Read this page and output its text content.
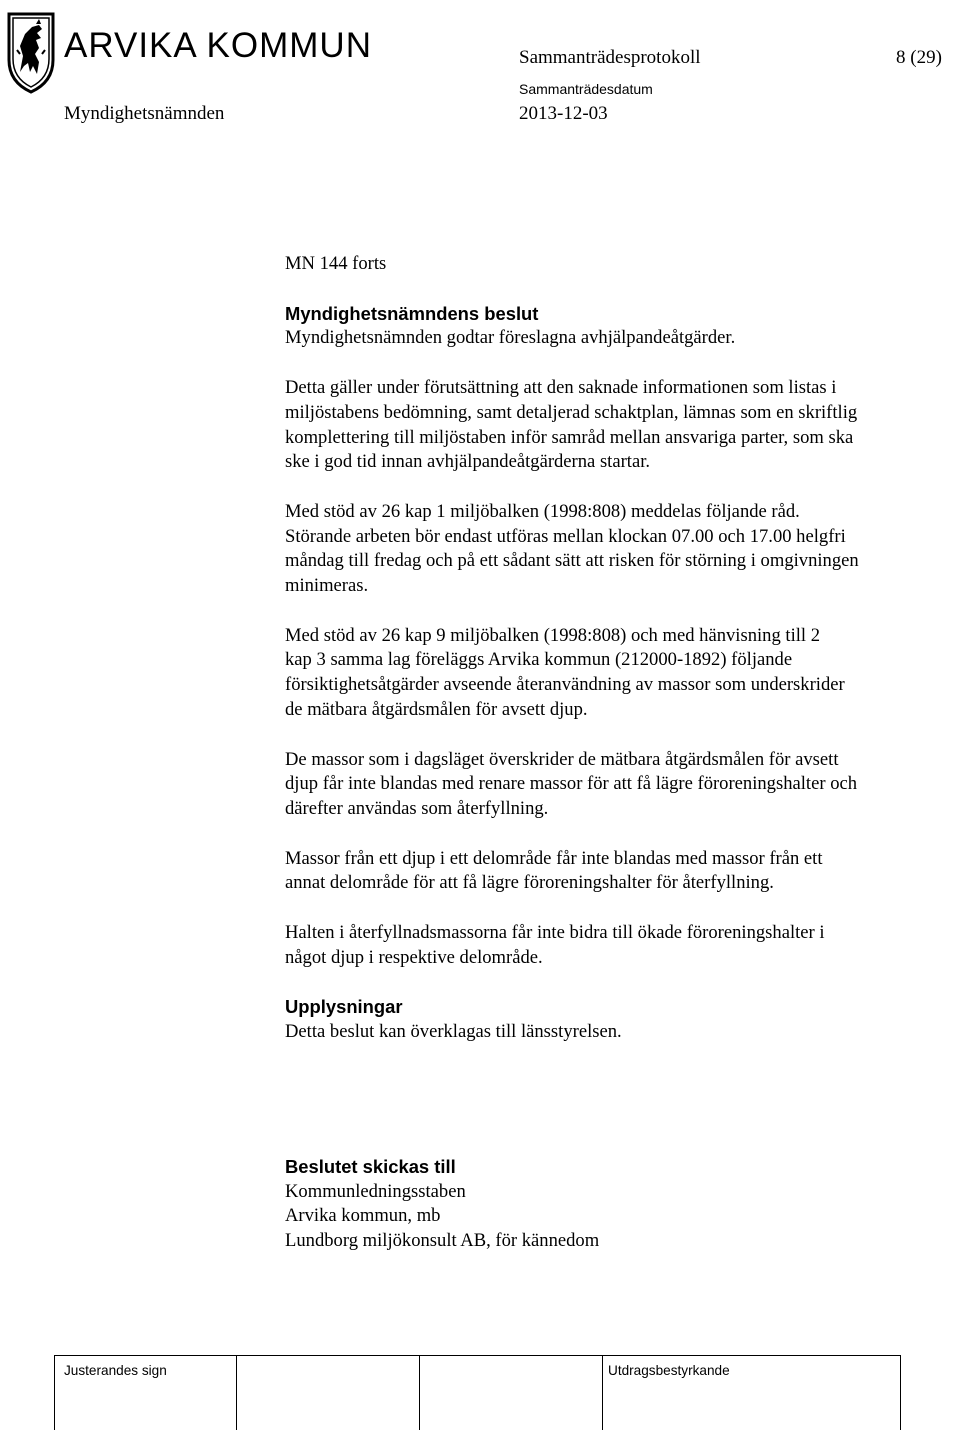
ARVIKA KOMMUN	Sammanträdesprotokoll	8 (29)
Myndighetsnämnden
Sammanträdesdatum
2013-12-03
MN 144 forts
Myndighetsnämndens beslut
Myndighetsnämnden godtar föreslagna avhjälpandeåtgärder.
Detta gäller under förutsättning att den saknade informationen som listas i
miljöstabens bedömning, samt detaljerad schaktplan, lämnas som en skriftlig
komplettering till miljöstaben inför samråd mellan ansvariga parter, som ska
ske i god tid innan avhjälpandeåtgärderna startar.
Med stöd av 26 kap 1 miljöbalken (1998:808) meddelas följande råd.
Störande arbeten bör endast utföras mellan klockan 07.00 och 17.00 helgfri
måndag till fredag och på ett sådant sätt att risken för störning i omgivningen
minimeras.
Med stöd av 26 kap 9 miljöbalken (1998:808) och med hänvisning till 2
kap 3 samma lag föreläggs Arvika kommun (212000-1892) följande
försiktighetsåtgärder avseende återanvändning av massor som underskrider
de mätbara åtgärdsmålen för avsett djup.
De massor som i dagsläget överskrider de mätbara åtgärdsmålen för avsett
djup får inte blandas med renare massor för att få lägre föroreningshalter och
därefter användas som återfyllning.
Massor från ett djup i ett delområde får inte blandas med massor från ett
annat delområde för att få lägre föroreningshalter för återfyllning.
Halten i återfyllnadsmassorna får inte bidra till ökade föroreningshalter i
något djup i respektive delområde.
Upplysningar
Detta beslut kan överklagas till länsstyrelsen.
Beslutet skickas till
Kommunledningsstaben
Arvika kommun, mb
Lundborg miljökonsult AB, för kännedom
Justerandes sign	Utdragsbestyrkande
